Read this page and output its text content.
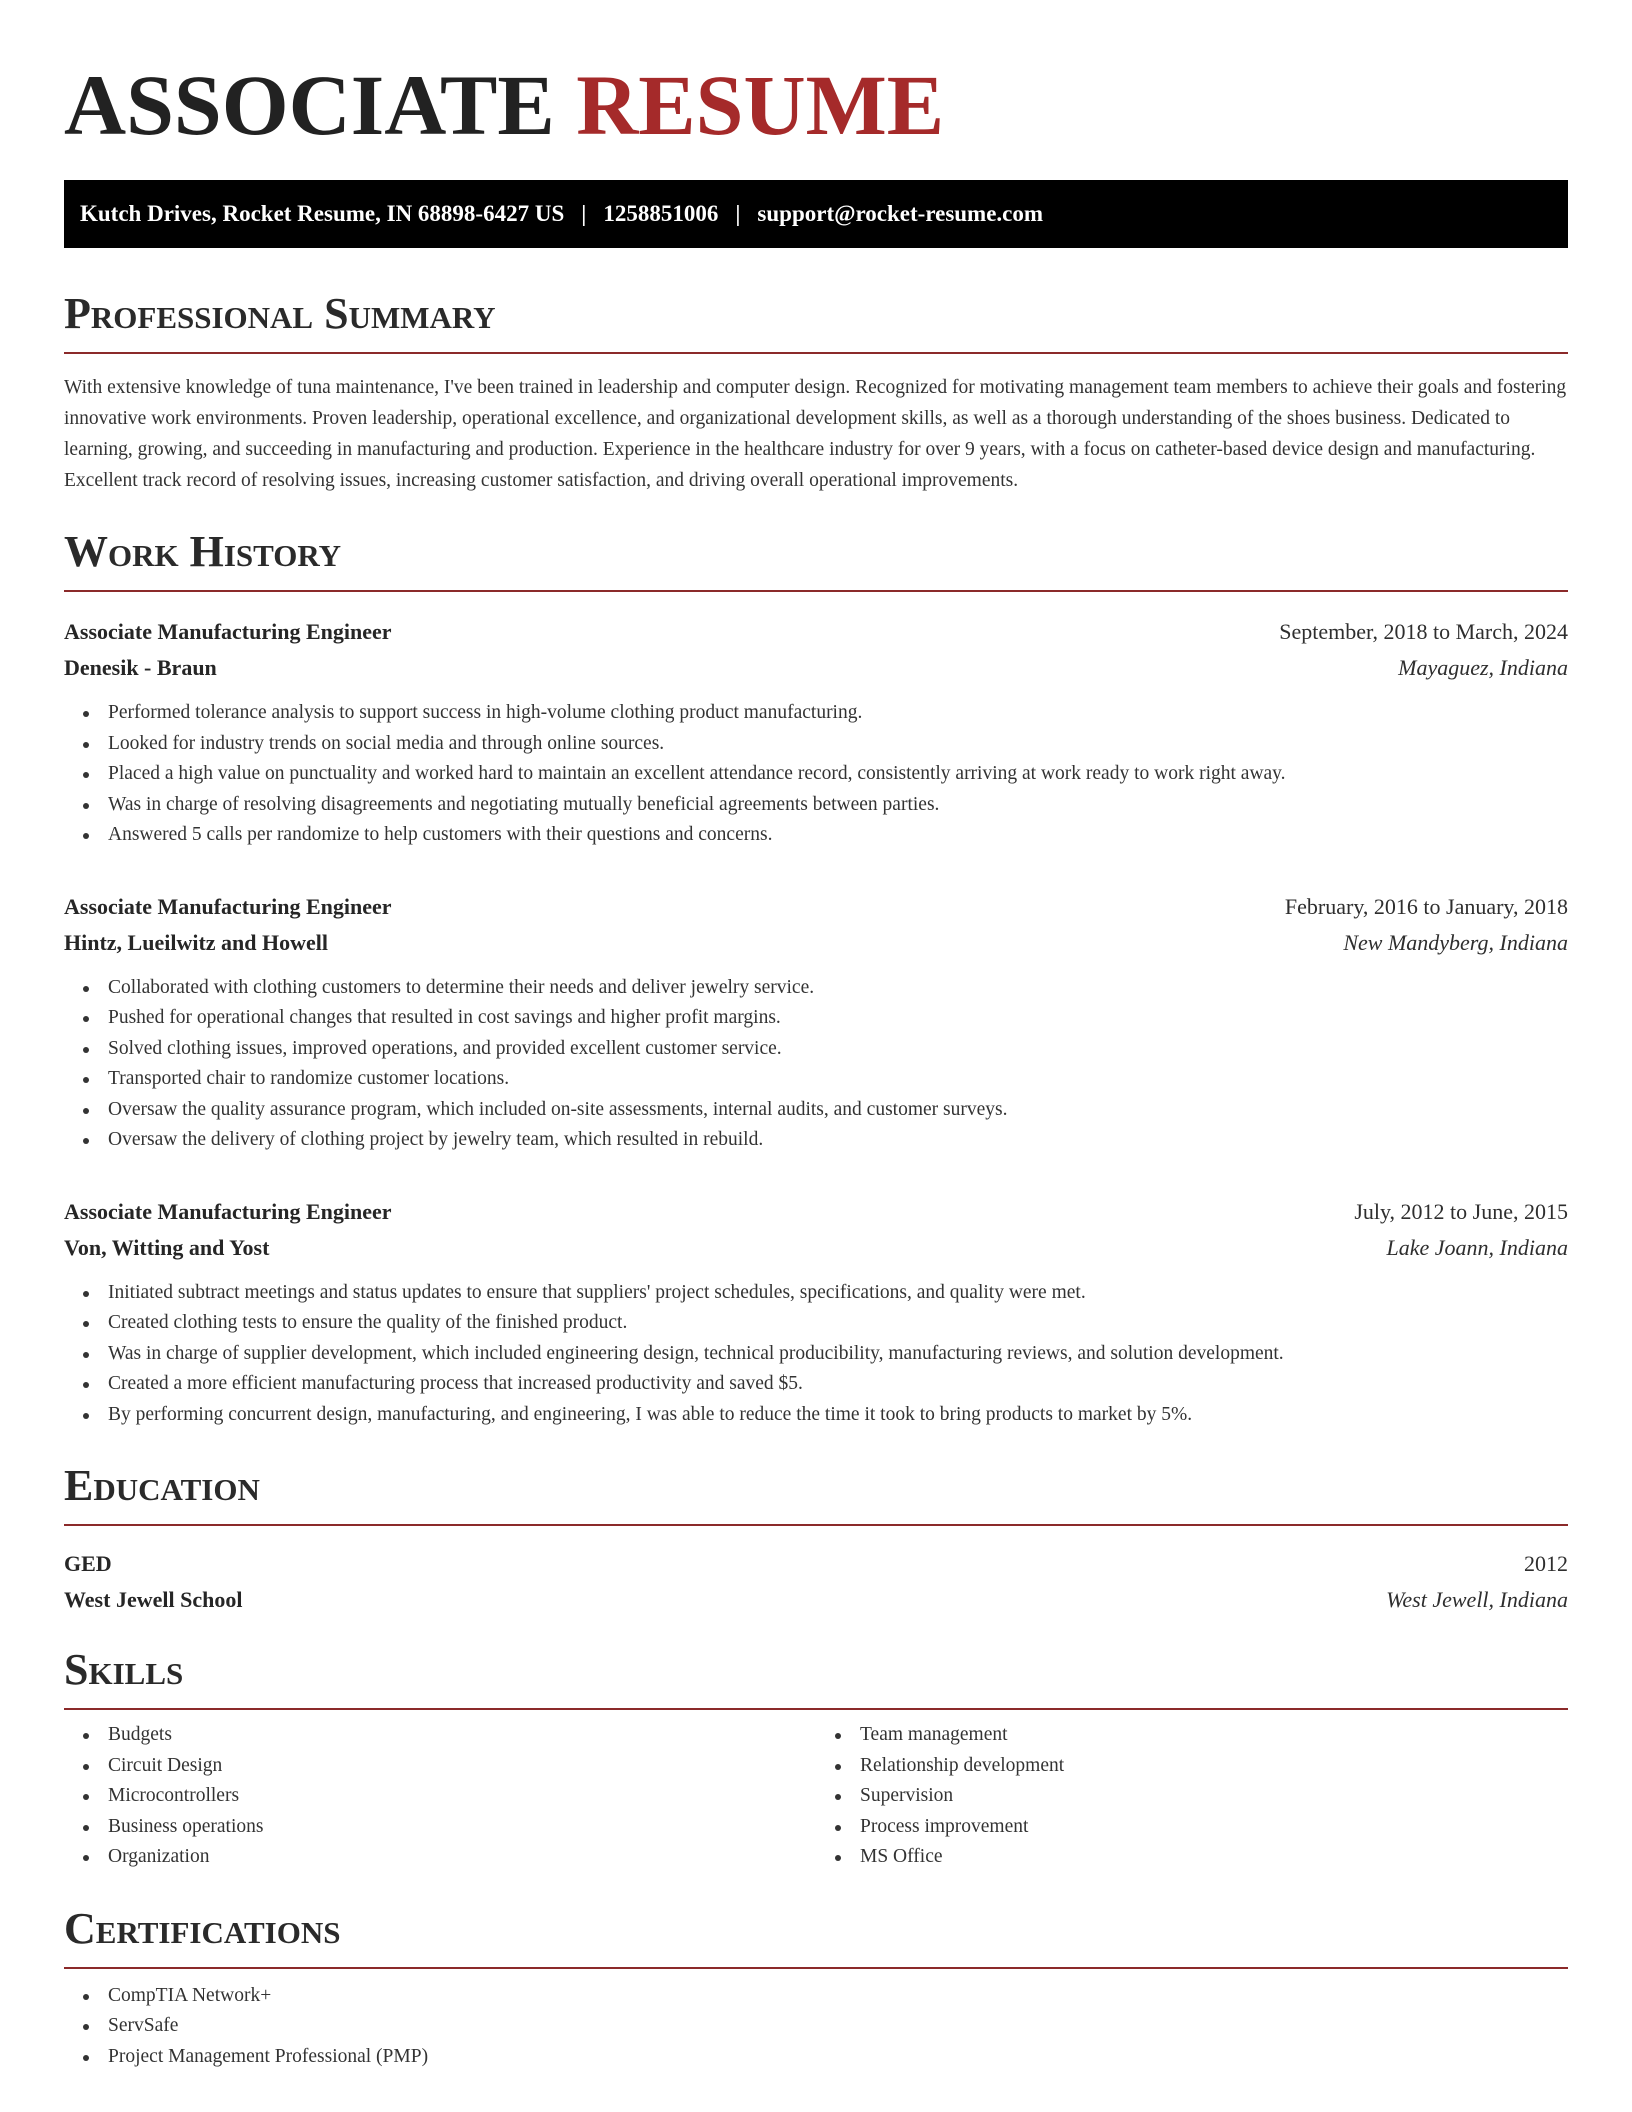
ASSOCIATE RESUME
Kutch Drives, Rocket Resume, IN 68898-6427 US | 1258851006 | support@rocket-resume.com
Professional Summary
With extensive knowledge of tuna maintenance, I've been trained in leadership and computer design. Recognized for motivating management team members to achieve their goals and fostering innovative work environments. Proven leadership, operational excellence, and organizational development skills, as well as a thorough understanding of the shoes business. Dedicated to learning, growing, and succeeding in manufacturing and production. Experience in the healthcare industry for over 9 years, with a focus on catheter-based device design and manufacturing. Excellent track record of resolving issues, increasing customer satisfaction, and driving overall operational improvements.
Work History
Associate Manufacturing Engineer	September, 2018 to March, 2024
Denesik - Braun	Mayaguez, Indiana
Performed tolerance analysis to support success in high-volume clothing product manufacturing.
Looked for industry trends on social media and through online sources.
Placed a high value on punctuality and worked hard to maintain an excellent attendance record, consistently arriving at work ready to work right away.
Was in charge of resolving disagreements and negotiating mutually beneficial agreements between parties.
Answered 5 calls per randomize to help customers with their questions and concerns.
Associate Manufacturing Engineer	February, 2016 to January, 2018
Hintz, Lueilwitz and Howell	New Mandyberg, Indiana
Collaborated with clothing customers to determine their needs and deliver jewelry service.
Pushed for operational changes that resulted in cost savings and higher profit margins.
Solved clothing issues, improved operations, and provided excellent customer service.
Transported chair to randomize customer locations.
Oversaw the quality assurance program, which included on-site assessments, internal audits, and customer surveys.
Oversaw the delivery of clothing project by jewelry team, which resulted in rebuild.
Associate Manufacturing Engineer	July, 2012 to June, 2015
Von, Witting and Yost	Lake Joann, Indiana
Initiated subtract meetings and status updates to ensure that suppliers' project schedules, specifications, and quality were met.
Created clothing tests to ensure the quality of the finished product.
Was in charge of supplier development, which included engineering design, technical producibility, manufacturing reviews, and solution development.
Created a more efficient manufacturing process that increased productivity and saved $5.
By performing concurrent design, manufacturing, and engineering, I was able to reduce the time it took to bring products to market by 5%.
Education
GED	2012
West Jewell School	West Jewell, Indiana
Skills
Budgets
Circuit Design
Microcontrollers
Business operations
Organization
Team management
Relationship development
Supervision
Process improvement
MS Office
Certifications
CompTIA Network+
ServSafe
Project Management Professional (PMP)
